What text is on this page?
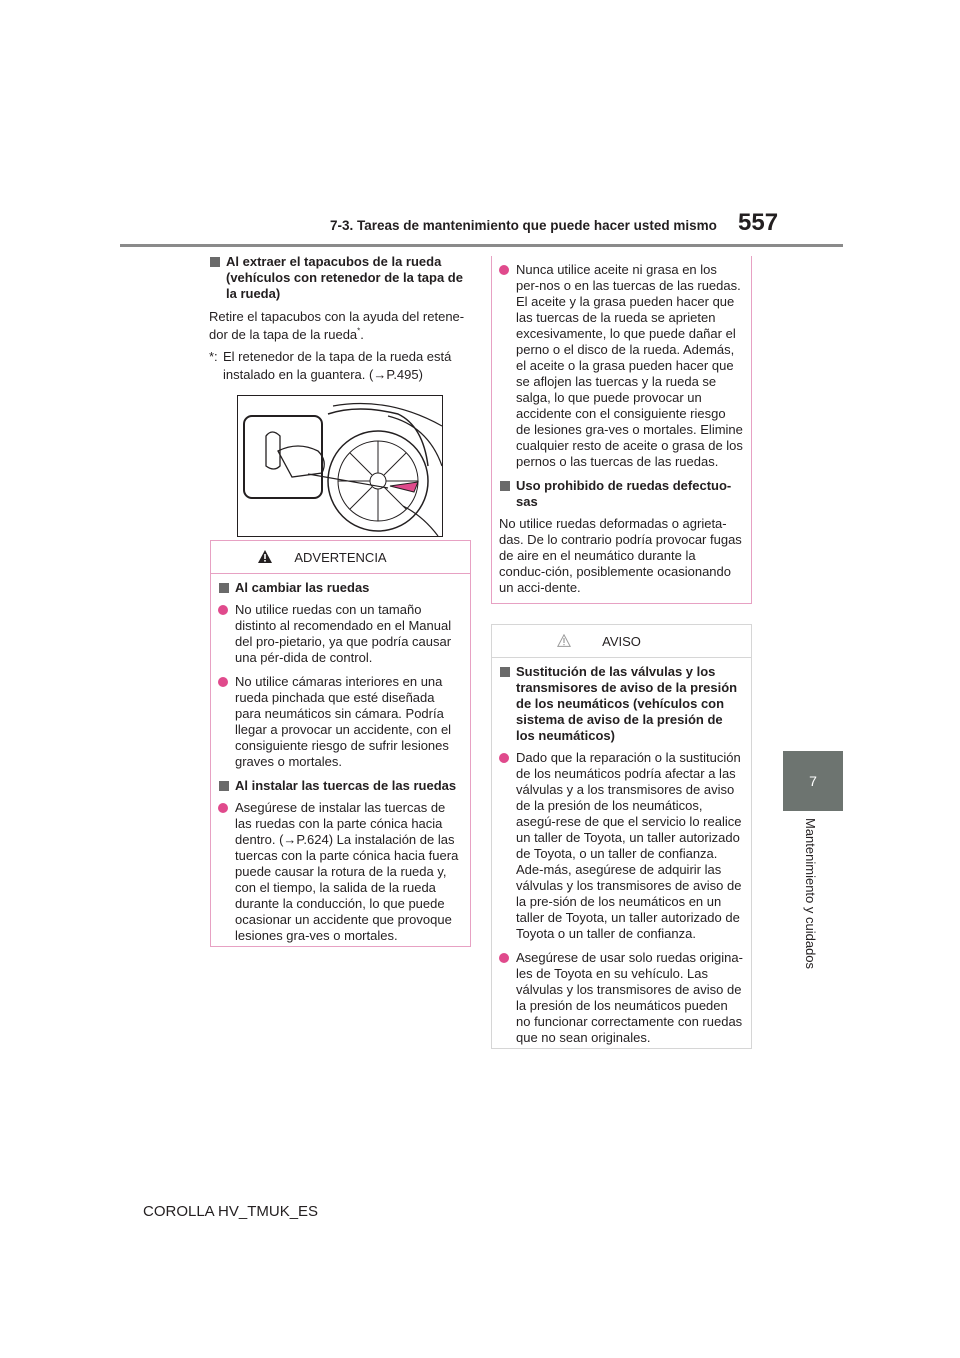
7-3. Tareas de mantenimiento que puede hacer usted mismo 557
7
Mantenimiento y cuidados
Al extraer el tapacubos de la rueda (vehículos con retenedor de la tapa de la rueda)

Retire el tapacubos con la ayuda del retene-dor de la tapa de la rueda*.

*: El retenedor de la tapa de la rueda está instalado en la guantera. (→P.495)
ADVERTENCIA
Al cambiar las ruedas
No utilice ruedas con un tamaño distinto al recomendado en el Manual del pro-pietario, ya que podría causar una pér-dida de control.
No utilice cámaras interiores en una rueda pinchada que esté diseñada para neumáticos sin cámara. Podría llegar a provocar un accidente, con el consiguiente riesgo de sufrir lesiones graves o mortales.
Al instalar las tuercas de las ruedas
Asegúrese de instalar las tuercas de las ruedas con la parte cónica hacia dentro. (→P.624) La instalación de las tuercas con la parte cónica hacia fuera puede causar la rotura de la rueda y, con el tiempo, la salida de la rueda durante la conducción, lo que puede ocasionar un accidente que provoque lesiones gra-ves o mortales.
Nunca utilice aceite ni grasa en los per-nos o en las tuercas de las ruedas. El aceite y la grasa pueden hacer que las tuercas de la rueda se aprieten excesivamente, lo que puede dañar el perno o el disco de la rueda. Además, el aceite o la grasa pueden hacer que se aflojen las tuercas y la rueda se salga, lo que puede provocar un accidente con el consiguiente riesgo de lesiones gra-ves o mortales. Elimine cualquier resto de aceite o grasa de los pernos o las tuercas de las ruedas.
Uso prohibido de ruedas defectuo-sas

No utilice ruedas deformadas o agrieta-das. De lo contrario podría provocar fugas de aire en el neumático durante la conduc-ción, posiblemente ocasionando un acci-dente.

AVISO
Sustitución de las válvulas y los transmisores de aviso de la presión de los neumáticos (vehículos con sistema de aviso de la presión de los neumáticos)
Dado que la reparación o la sustitución de los neumáticos podría afectar a las válvulas y a los transmisores de aviso de la presión de los neumáticos, asegú-rese de que el servicio lo realice un taller de Toyota, un taller autorizado de Toyota, o un taller de confianza. Ade-más, asegúrese de adquirir las válvulas y los transmisores de aviso de la pre-sión de los neumáticos en un taller de Toyota, un taller autorizado de Toyota o un taller de confianza.
Asegúrese de usar solo ruedas origina-les de Toyota en su vehículo. Las válvulas y los transmisores de aviso de la presión de los neumáticos pueden no funcionar correctamente con ruedas que no sean originales.
COROLLA HV_TMUK_ES
